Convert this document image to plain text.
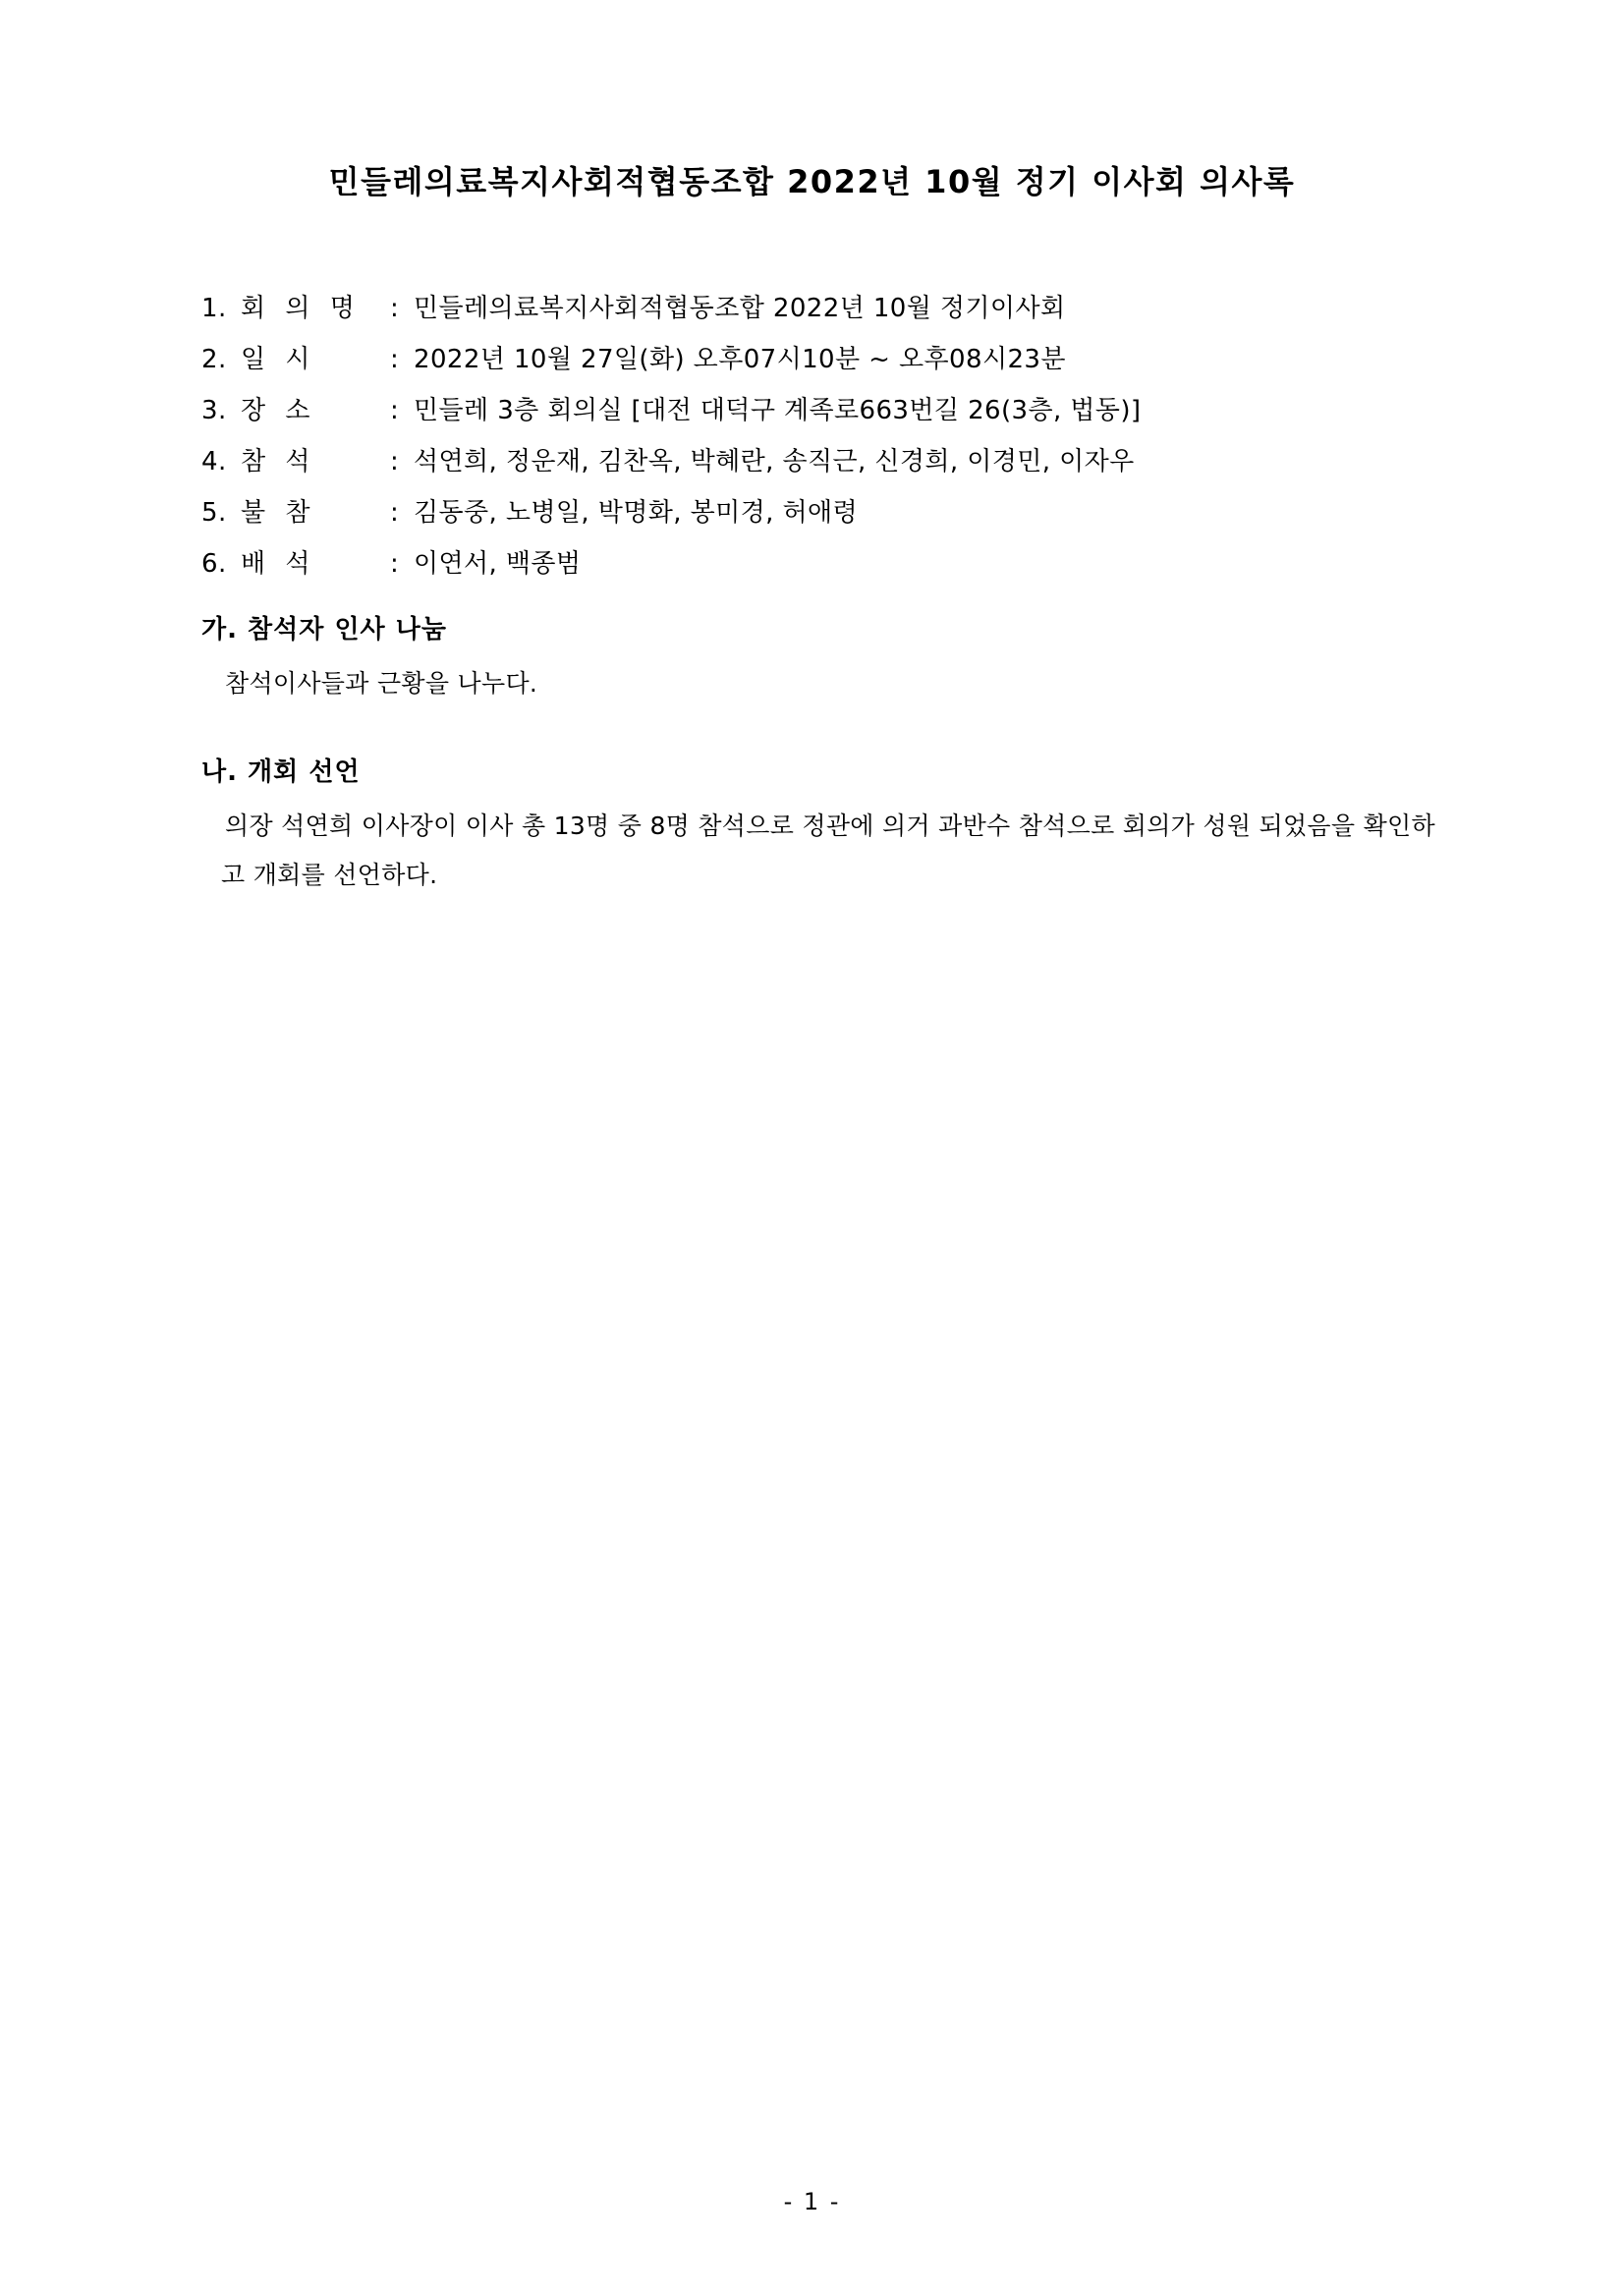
민들레의료복지사회적협동조합 2022년 10월 정기 이사회 의사록
1. 회 의 명	: 민들레의료복지사회적협동조합 2022년 10월 정기이사회
2. 일 시	: 2022년 10월 27일(화) 오후07시10분 ~ 오후08시23분
3. 장 소	: 민들레 3층 회의실 [대전 대덕구 계족로663번길 26(3층, 법동)]
4. 참 석	: 석연희, 정운재, 김찬옥, 박혜란, 송직근, 신경희, 이경민, 이자우
5. 불 참	: 김동중, 노병일, 박명화, 봉미경, 허애령
6. 배 석	: 이연서, 백종범
가. 참석자 인사 나눔
참석이사들과 근황을 나누다.
나. 개회 선언
의장 석연희 이사장이 이사 총 13명 중 8명 참석으로 정관에 의거 과반수 참석으로 회의가 성원 되었음을 확인하고 개회를 선언하다.
- 1 -
